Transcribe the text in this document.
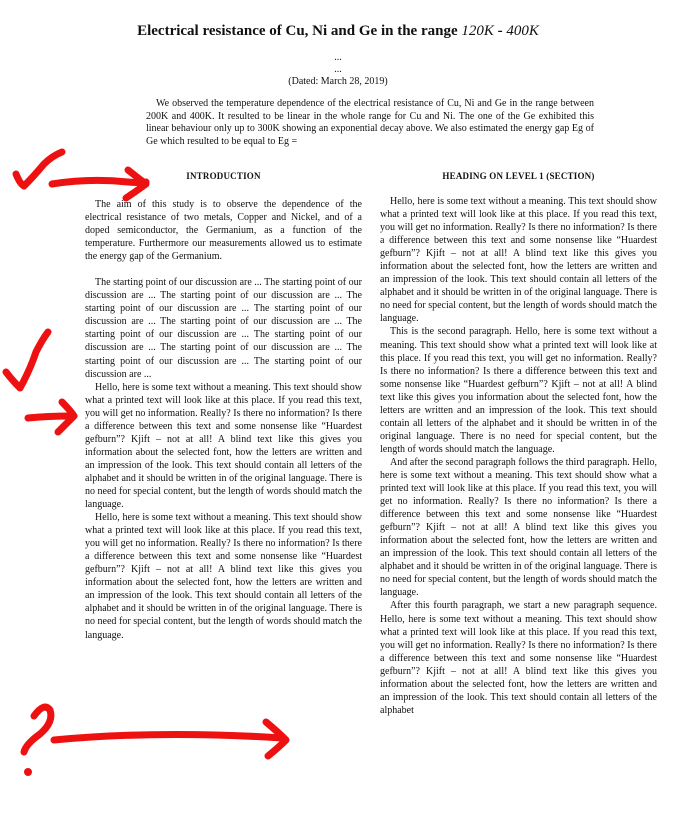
Electrical resistance of Cu, Ni and Ge in the range 120K - 400K
...
...
(Dated: March 28, 2019)
We observed the temperature dependence of the electrical resistance of Cu, Ni and Ge in the range between 200K and 400K. It resulted to be linear in the whole range for Cu and Ni. The one of the Ge exhibited this linear behaviour only up to 300K showing an exponential decay above. We also estimated the energy gap Eg of Ge which resulted to be equal to Eg =
INTRODUCTION	HEADING ON LEVEL 1 (SECTION)

The aim of this study is to observe the dependence of the electrical resistance of two metals, Copper and Nickel, and of a doped semiconductor, the Germanium, as a function of the temperature. Furthermore our measurements allowed us to estimate the energy gap of the Germanium.

The starting point of our discussion are ... The starting point of our discussion are ... The starting point of our discussion are ... The starting point of our discussion are ... The starting point of our discussion are ... The starting point of our discussion are ... The starting point of our discussion are ... The starting point of our discussion are ... The starting point of our discussion are ... The starting point of our discussion are ... The starting point of our discussion are ...

Hello, here is some text without a meaning. This text should show what a printed text will look like at this place. If you read this text, you will get no information. Really? Is there no information? Is there a difference between this text and some nonsense like “Huardest gefburn”? Kjift – not at all! A blind text like this gives you information about the selected font, how the letters are written and an impression of the look. This text should contain all letters of the alphabet and it should be written in of the original language. There is no need for special content, but the length of words should match the language.

Hello, here is some text without a meaning. This text should show what a printed text will look like at this place. If you read this text, you will get no information. Really? Is there no information? Is there a difference between this text and some nonsense like “Huardest gefburn”? Kjift – not at all! A blind text like this gives you information about the selected font, how the letters are written and an impression of the look. This text should contain all letters of the alphabet and it should be written in of the original language. There is no need for special content, but the length of words should match the language.

Hello, here is some text without a meaning. This text should show what a printed text will look like at this place. If you read this text, you will get no information. Really? Is there no information? Is there a difference between this text and some nonsense like “Huardest gefburn”? Kjift – not at all! A blind text like this gives you information about the selected font, how the letters are written and an impression of the look. This text should contain all letters of the alphabet and it should be written in of the original language. There is no need for special content, but the length of words should match the language.

This is the second paragraph. Hello, here is some text without a meaning. This text should show what a printed text will look like at this place. If you read this text, you will get no information. Really? Is there no information? Is there a difference between this text and some nonsense like “Huardest gefburn”? Kjift – not at all! A blind text like this gives you information about the selected font, how the letters are written and an impression of the look. This text should contain all letters of the alphabet and it should be written in of the original language. There is no need for special content, but the length of words should match the language.

And after the second paragraph follows the third paragraph. Hello, here is some text without a meaning. This text should show what a printed text will look like at this place. If you read this text, you will get no information. Really? Is there no information? Is there a difference between this text and some nonsense like “Huardest gefburn”? Kjift – not at all! A blind text like this gives you information about the selected font, how the letters are written and an impression of the look. This text should contain all letters of the alphabet and it should be written in of the original language. There is no need for special content, but the length of words should match the language.

After this fourth paragraph, we start a new paragraph sequence. Hello, here is some text without a meaning. This text should show what a printed text will look like at this place. If you read this text, you will get no information. Really? Is there no information? Is there a difference between this text and some nonsense like “Huardest gefburn”? Kjift – not at all! A blind text like this gives you information about the selected font, how the letters are written and an impression of the look. This text should contain all letters of the alphabet
